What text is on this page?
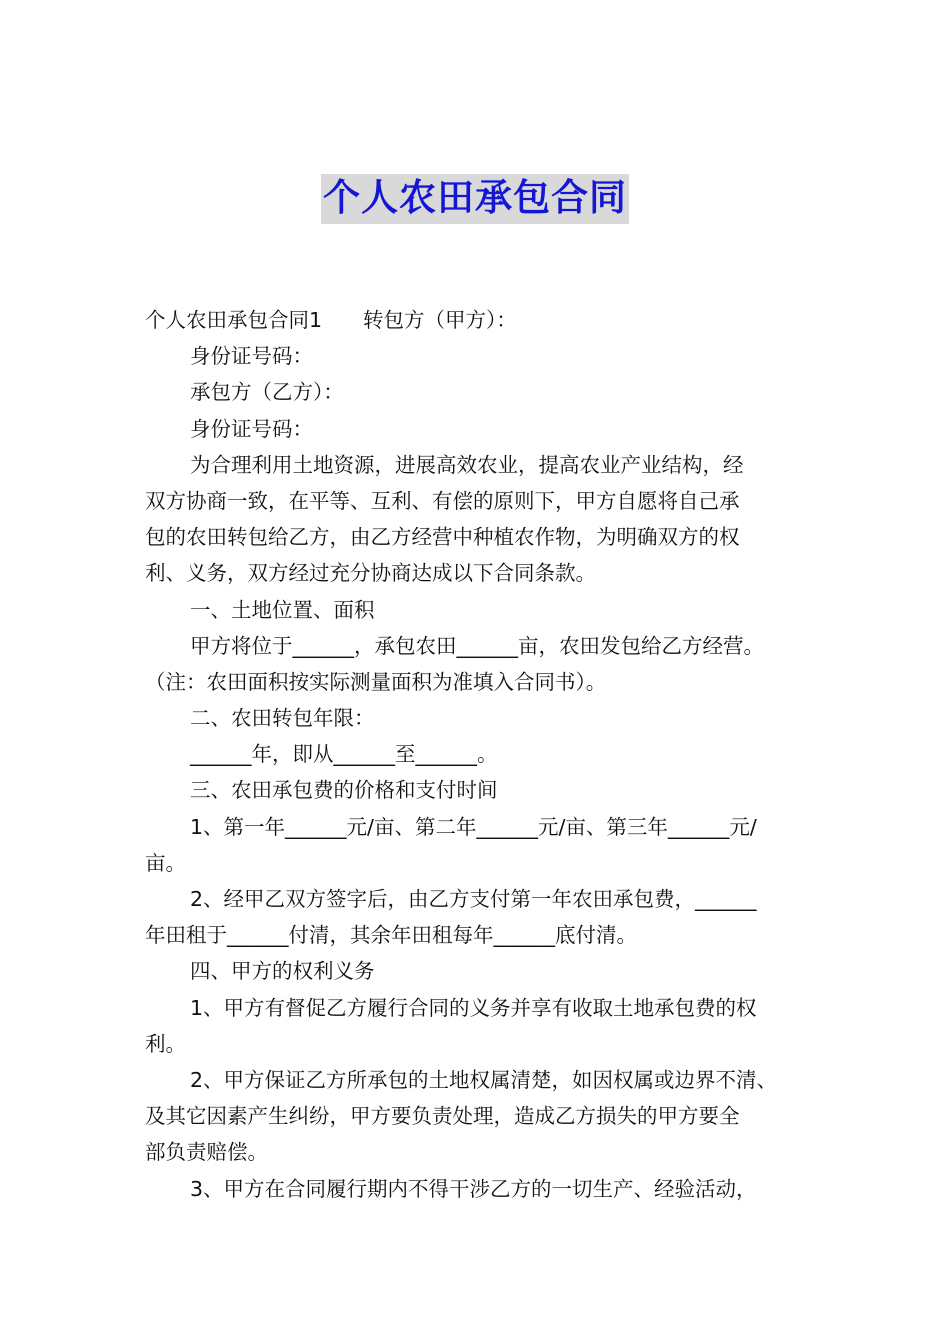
个人农田承包合同
个人农田承包合同1　　转包方（甲方）：
身份证号码：
承包方（乙方）：
身份证号码：
为合理利用土地资源，进展高效农业，提高农业产业结构，经
双方协商一致，在平等、互利、有偿的原则下，甲方自愿将自己承
包的农田转包给乙方，由乙方经营中种植农作物，为明确双方的权
利、义务，双方经过充分协商达成以下合同条款。
一、土地位置、面积
甲方将位于______，承包农田______亩，农田发包给乙方经营。
（注：农田面积按实际测量面积为准填入合同书）。
二、农田转包年限：
______年，即从______至______。
三、农田承包费的价格和支付时间
1、第一年______元/亩、第二年______元/亩、第三年______元/
亩。
2、经甲乙双方签字后，由乙方支付第一年农田承包费，______
年田租于______付清，其余年田租每年______底付清。
四、甲方的权利义务
1、甲方有督促乙方履行合同的义务并享有收取土地承包费的权
利。
2、甲方保证乙方所承包的土地权属清楚，如因权属或边界不清、
及其它因素产生纠纷，甲方要负责处理，造成乙方损失的甲方要全
部负责赔偿。
3、甲方在合同履行期内不得干涉乙方的一切生产、经验活动，
